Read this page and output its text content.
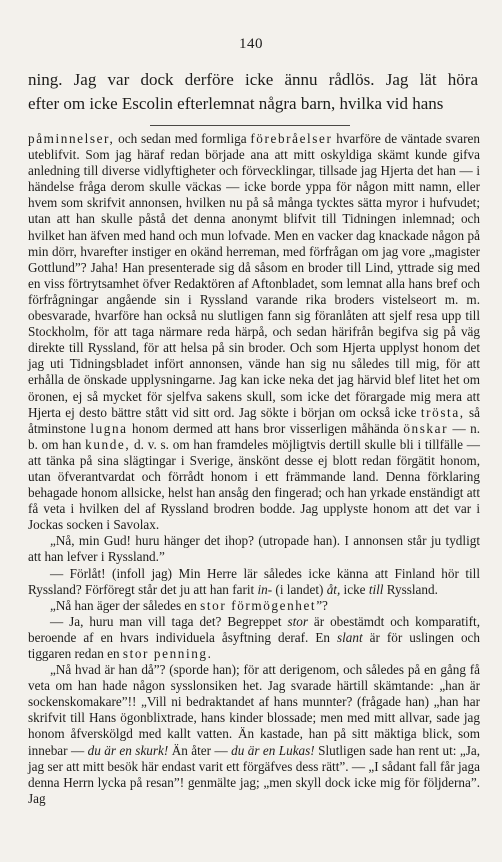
140

ning. Jag var dock derföre icke ännu rådlös. Jag lät höra

efter om icke Escolin efterlemnat några barn, hvilka vid hans

påminnelser, och sedan med formliga förebråelser hvarföre de väntade svaren uteblifvit. Som jag häraf redan började ana att mitt oskyldiga skämt kunde gifva anledning till diverse vidlyftigheter och förvecklingar, tillsade jag Hjerta det han — i händelse fråga derom skulle väckas — icke borde yppa för någon mitt namn, eller hvem som skrifvit annonsen, hvilken nu på så många tycktes sätta myror i hufvudet; utan att han skulle påstå det denna anonymt blifvit till Tidningen inlemnad; och hvilket han äfven med hand och mun lofvade. Men en vacker dag knackade någon på min dörr, hvarefter instiger en okänd herreman, med förfrågan om jag vore „magister Gottlund”? Jaha! Han presenterade sig då såsom en broder till Lind, yttrade sig med en viss förtrytsamhet öfver Redaktören af Aftonbladet, som lemnat alla hans bref och förfrågningar angående sin i Ryssland varande rika broders vistelseort m. m. obesvarade, hvarföre han också nu slutligen fann sig föranlåten att sjelf resa upp till Stockholm, för att taga närmare reda härpå, och sedan härifrån begifva sig på väg direkte till Ryssland, för att helsa på sin broder. Och som Hjerta upplyst honom det jag uti Tidningsbladet infört annonsen, vände han sig nu således till mig, för att erhålla de önskade upplysningarne. Jag kan icke neka det jag härvid blef litet het om öronen, ej så mycket för sjelfva sakens skull, som icke det förargade mig mera att Hjerta ej desto bättre stått vid sitt ord. Jag sökte i början om också icke trösta, så åtminstone lugna honom dermed att hans bror visserligen måhända önskar — n. b. om han kunde, d. v. s. om han framdeles möjligtvis dertill skulle bli i tillfälle — att tänka på sina slägtingar i Sverige, änskönt desse ej blott redan förgätit honom, utan öfverantvardat och förrådt honom i ett främmande land. Denna förklaring behagade honom allsicke, helst han ansåg den fingerad; och han yrkade enständigt att få veta i hvilken del af Ryssland brodren bodde. Jag upplyste honom att det var i Jockas socken i Savolax.

„Nå, min Gud! huru hänger det ihop? (utropade han). I annonsen står ju tydligt att han lefver i Ryssland.”

— Förlåt! (infoll jag) Min Herre lär således icke känna att Finland hör till Ryssland? Förföregt står det ju att han farit in- (i landet) åt, icke till Ryssland.

„Nå han äger der således en stor förmögenhet”?

— Ja, huru man vill taga det? Begreppet stor är obestämdt och komparatift, beroende af en hvars individuela åsyftning deraf. En slant är för uslingen och tiggaren redan en stor penning.

„Nå hvad är han då”? (sporde han); för att derigenom, och således på en gång få veta om han hade någon sysslonsiken het. Jag svarade härtill skämtande: „han är sockenskomakare”!! „Vill ni bedraktandet af hans munnter? (frågade han) „han har skrifvit till Hans ögonblixtrade, hans kinder blossade; men med mitt allvar, sade jag honom åfverskölgd med kallt vatten. Än kastade, han på sitt mäktiga blick, som innebar — du är en skurk! Än åter — du är en Lukas! Slutligen sade han rent ut: „Ja, jag ser att mitt besök här endast varit ett förgäfves dess rätt”. — „I sådant fall får jaga denna Herrn lycka på resan”! genmälte jag; „men skyll dock icke mig för följderna”. Jag
